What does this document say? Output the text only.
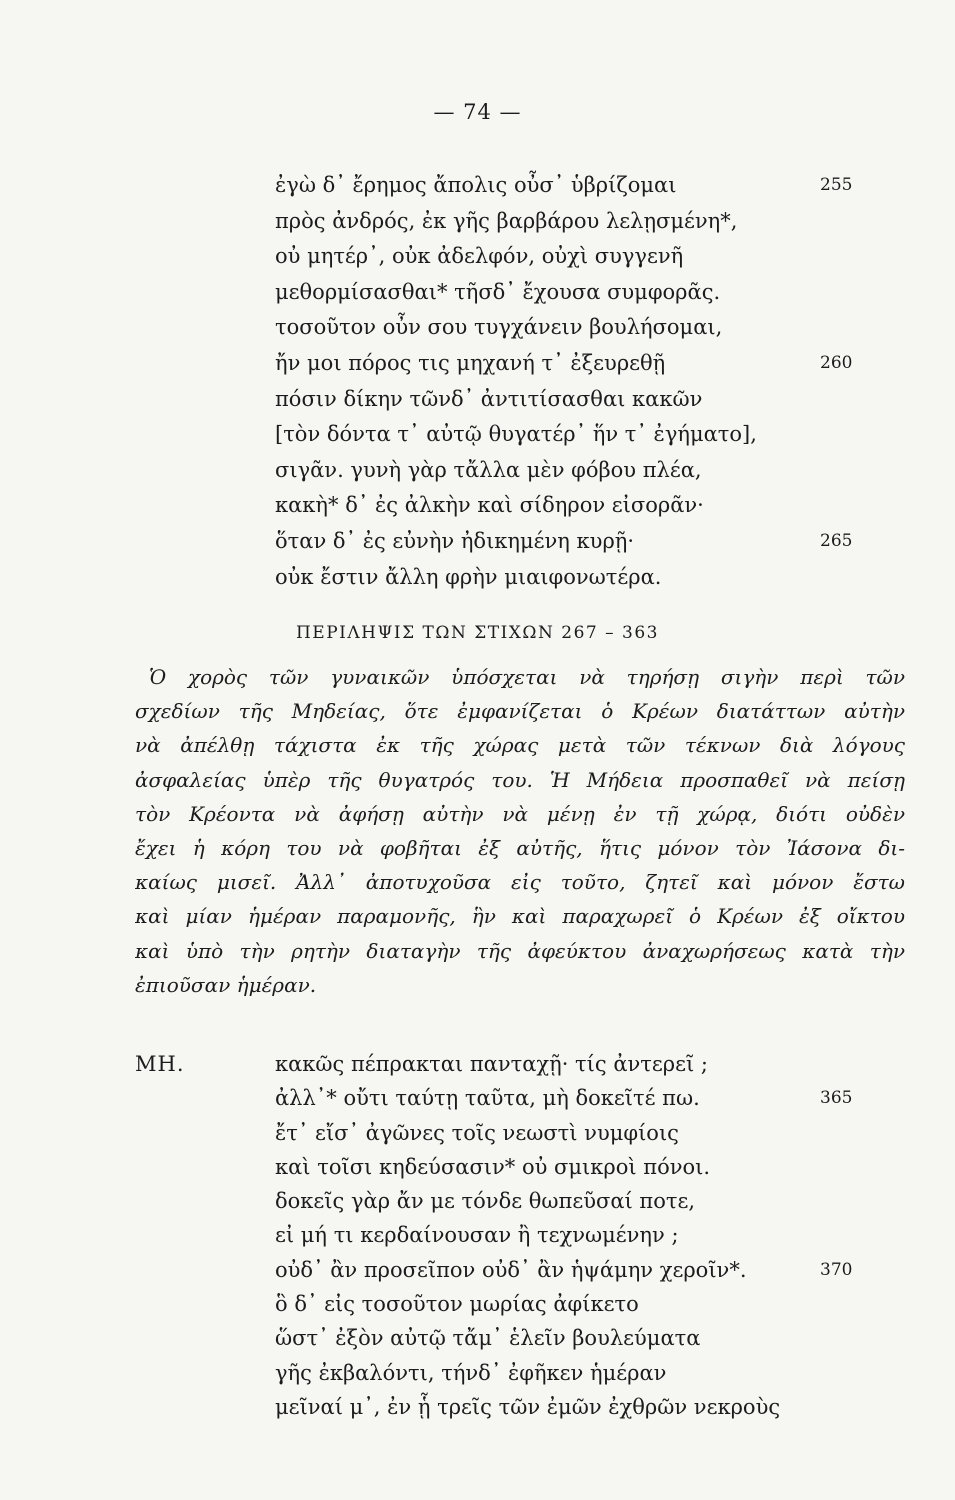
— 74 —
ἐγὼ δ᾽ ἔρημος ἄπολις οὖσ᾽ ὑβρίζομαι	255
πρὸς ἀνδρός, ἐκ γῆς βαρβάρου λελῃσμένη*,
οὐ μητέρ᾽, οὐκ ἀδελφόν, οὐχὶ συγγενῆ
μεθορμίσασθαι* τῆσδ᾽ ἔχουσα συμφορᾶς.
τοσοῦτον οὖν σου τυγχάνειν βουλήσομαι,
ἤν μοι πόρος τις μηχανή τ᾽ ἐξευρεθῇ	260
πόσιν δίκην τῶνδ᾽ ἀντιτίσασθαι κακῶν
[τὸν δόντα τ᾽ αὐτῷ θυγατέρ᾽ ἥν τ᾽ ἐγήματο],
σιγᾶν. γυνὴ γὰρ τἄλλα μὲν φόβου πλέα,
κακὴ* δ᾽ ἐς ἀλκὴν καὶ σίδηρον εἰσορᾶν·
ὅταν δ᾽ ἐς εὐνὴν ἠδικημένη κυρῇ·	265
οὐκ ἔστιν ἄλλη φρὴν μιαιφονωτέρα.
ΠΕΡΙΛΗΨΙΣ ΤΩΝ ΣΤΙΧΩΝ 267 – 363
Ὁ χορὸς τῶν γυναικῶν ὑπόσχεται νὰ τηρήσῃ σιγὴν περὶ τῶν
σχεδίων τῆς Μηδείας, ὅτε ἐμφανίζεται ὁ Κρέων διατάττων αὐτὴν
νὰ ἀπέλθῃ τάχιστα ἐκ τῆς χώρας μετὰ τῶν τέκνων διὰ λόγους
ἀσφαλείας ὑπὲρ τῆς θυγατρός του. Ἡ Μήδεια προσπαθεῖ νὰ πείσῃ
τὸν Κρέοντα νὰ ἀφήσῃ αὐτὴν νὰ μένῃ ἐν τῇ χώρᾳ, διότι οὐδὲν
ἔχει ἡ κόρη του νὰ φοβῆται ἐξ αὐτῆς, ἥτις μόνον τὸν Ἰάσονα δι-
καίως μισεῖ. Ἀλλ᾽ ἀποτυχοῦσα εἰς τοῦτο, ζητεῖ καὶ μόνον ἔστω
καὶ μίαν ἡμέραν παραμονῆς, ἣν καὶ παραχωρεῖ ὁ Κρέων ἐξ οἴκτου
καὶ ὑπὸ τὴν ρητὴν διαταγὴν τῆς ἀφεύκτου ἀναχωρήσεως κατὰ τὴν
ἐπιοῦσαν ἡμέραν.
ΜΗ.	κακῶς πέπρακται πανταχῇ· τίς ἀντερεῖ ;
ἀλλ᾽* οὔτι ταύτῃ ταῦτα, μὴ δοκεῖτέ πω.	365
ἔτ᾽ εἴσ᾽ ἀγῶνες τοῖς νεωστὶ νυμφίοις
καὶ τοῖσι κηδεύσασιν* οὐ σμικροὶ πόνοι.
δοκεῖς γὰρ ἄν με τόνδε θωπεῦσαί ποτε,
εἰ μή τι κερδαίνουσαν ἢ τεχνωμένην ;
οὐδ᾽ ἂν προσεῖπον οὐδ᾽ ἂν ἡψάμην χεροῖν*.	370
ὃ δ᾽ εἰς τοσοῦτον μωρίας ἀφίκετο
ὥστ᾽ ἐξὸν αὐτῷ τἄμ᾽ ἑλεῖν βουλεύματα
γῆς ἐκβαλόντι, τήνδ᾽ ἐφῆκεν ἡμέραν
μεῖναί μ᾽, ἐν ᾗ τρεῖς τῶν ἐμῶν ἐχθρῶν νεκροὺς
